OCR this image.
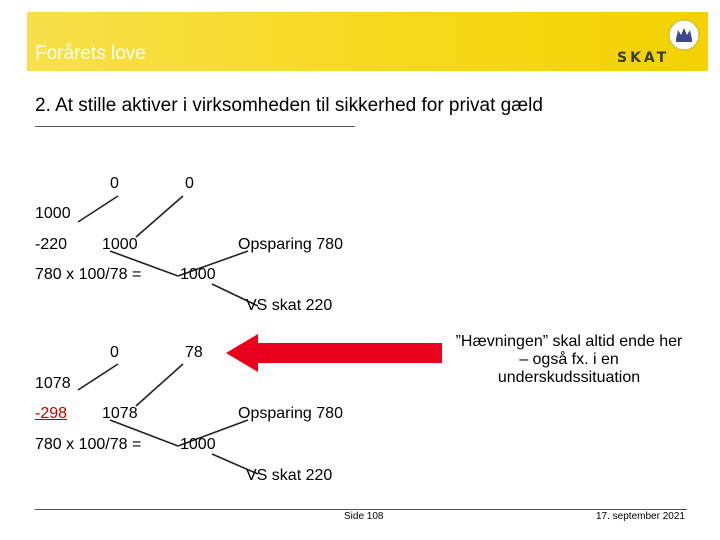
Forårets love	SKAT
2. At stille aktiver i virksomheden til sikkerhed for privat gæld
0	0
1000
-220 1000	Opsparing 780
780 x 100/78 = 1000
VS skat 220
0	78
1078
-298 1078	Opsparing 780
780 x 100/78 = 1000
VS skat 220
”Hævningen” skal altid ende her – også fx. i en underskudssituation
Side 108	17. september 2021
